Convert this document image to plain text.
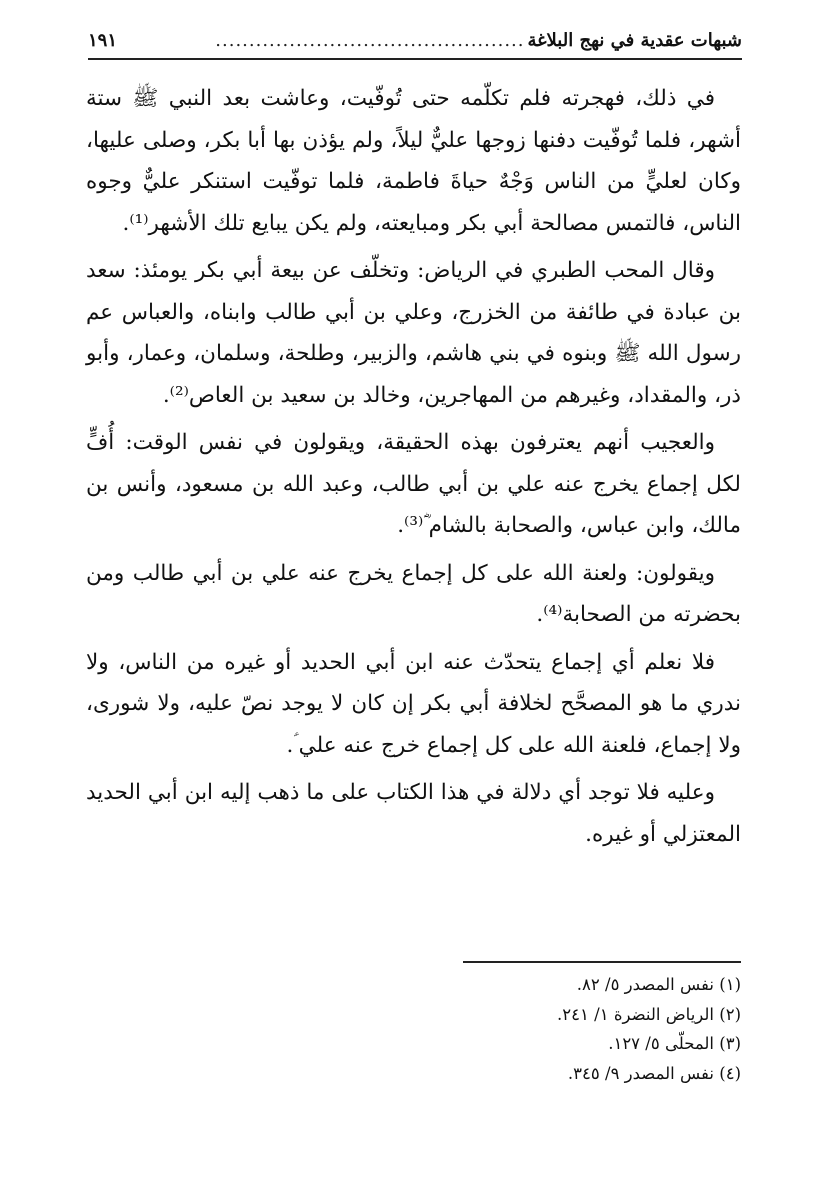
شبهات عقدية في نهج البلاغة
..............................................
١٩١

في ذلك، فهجرته فلم تكلّمه حتى تُوفّيت، وعاشت بعد النبي ﷺ ستة أشهر، فلما تُوفّيت دفنها زوجها عليٌّ ليلاً، ولم يؤذن بها أبا بكر، وصلى عليها، وكان لعليٍّ من الناس وَجْهٌ حياةَ فاطمة، فلما توفّيت استنكر عليٌّ وجوه الناس، فالتمس مصالحة أبي بكر ومبايعته، ولم يكن يبايع تلك الأشهر⁽¹⁾.

وقال المحب الطبري في الرياض: وتخلّف عن بيعة أبي بكر يومئذ: سعد بن عبادة في طائفة من الخزرج، وعلي بن أبي طالب وابناه، والعباس عم رسول الله ﷺ وبنوه في بني هاشم، والزبير، وطلحة، وسلمان، وعمار، وأبو ذر، والمقداد، وغيرهم من المهاجرين، وخالد بن سعيد بن العاص⁽²⁾.

والعجيب أنهم يعترفون بهذه الحقيقة، ويقولون في نفس الوقت: أُفٍّ لكل إجماع يخرج عنه علي بن أبي طالب، وعبد الله بن مسعود، وأنس بن مالك، وابن عباس، والصحابة بالشام ؓ⁽³⁾.

ويقولون: ولعنة الله على كل إجماع يخرج عنه علي بن أبي طالب ومن بحضرته من الصحابة⁽⁴⁾.

فلا نعلم أي إجماع يتحدّث عنه ابن أبي الحديد أو غيره من الناس، ولا ندري ما هو المصحَّح لخلافة أبي بكر إن كان لا يوجد نصّ عليه، ولا شورى، ولا إجماع، فلعنة الله على كل إجماع خرج عنه علي ؑ.

وعليه فلا توجد أي دلالة في هذا الكتاب على ما ذهب إليه ابن أبي الحديد المعتزلي أو غيره.

(١) نفس المصدر ٥/ ٨٢.
(٢) الرياض النضرة ١/ ٢٤١.
(٣) المحلّى ٥/ ١٢٧.
(٤) نفس المصدر ٩/ ٣٤٥.
